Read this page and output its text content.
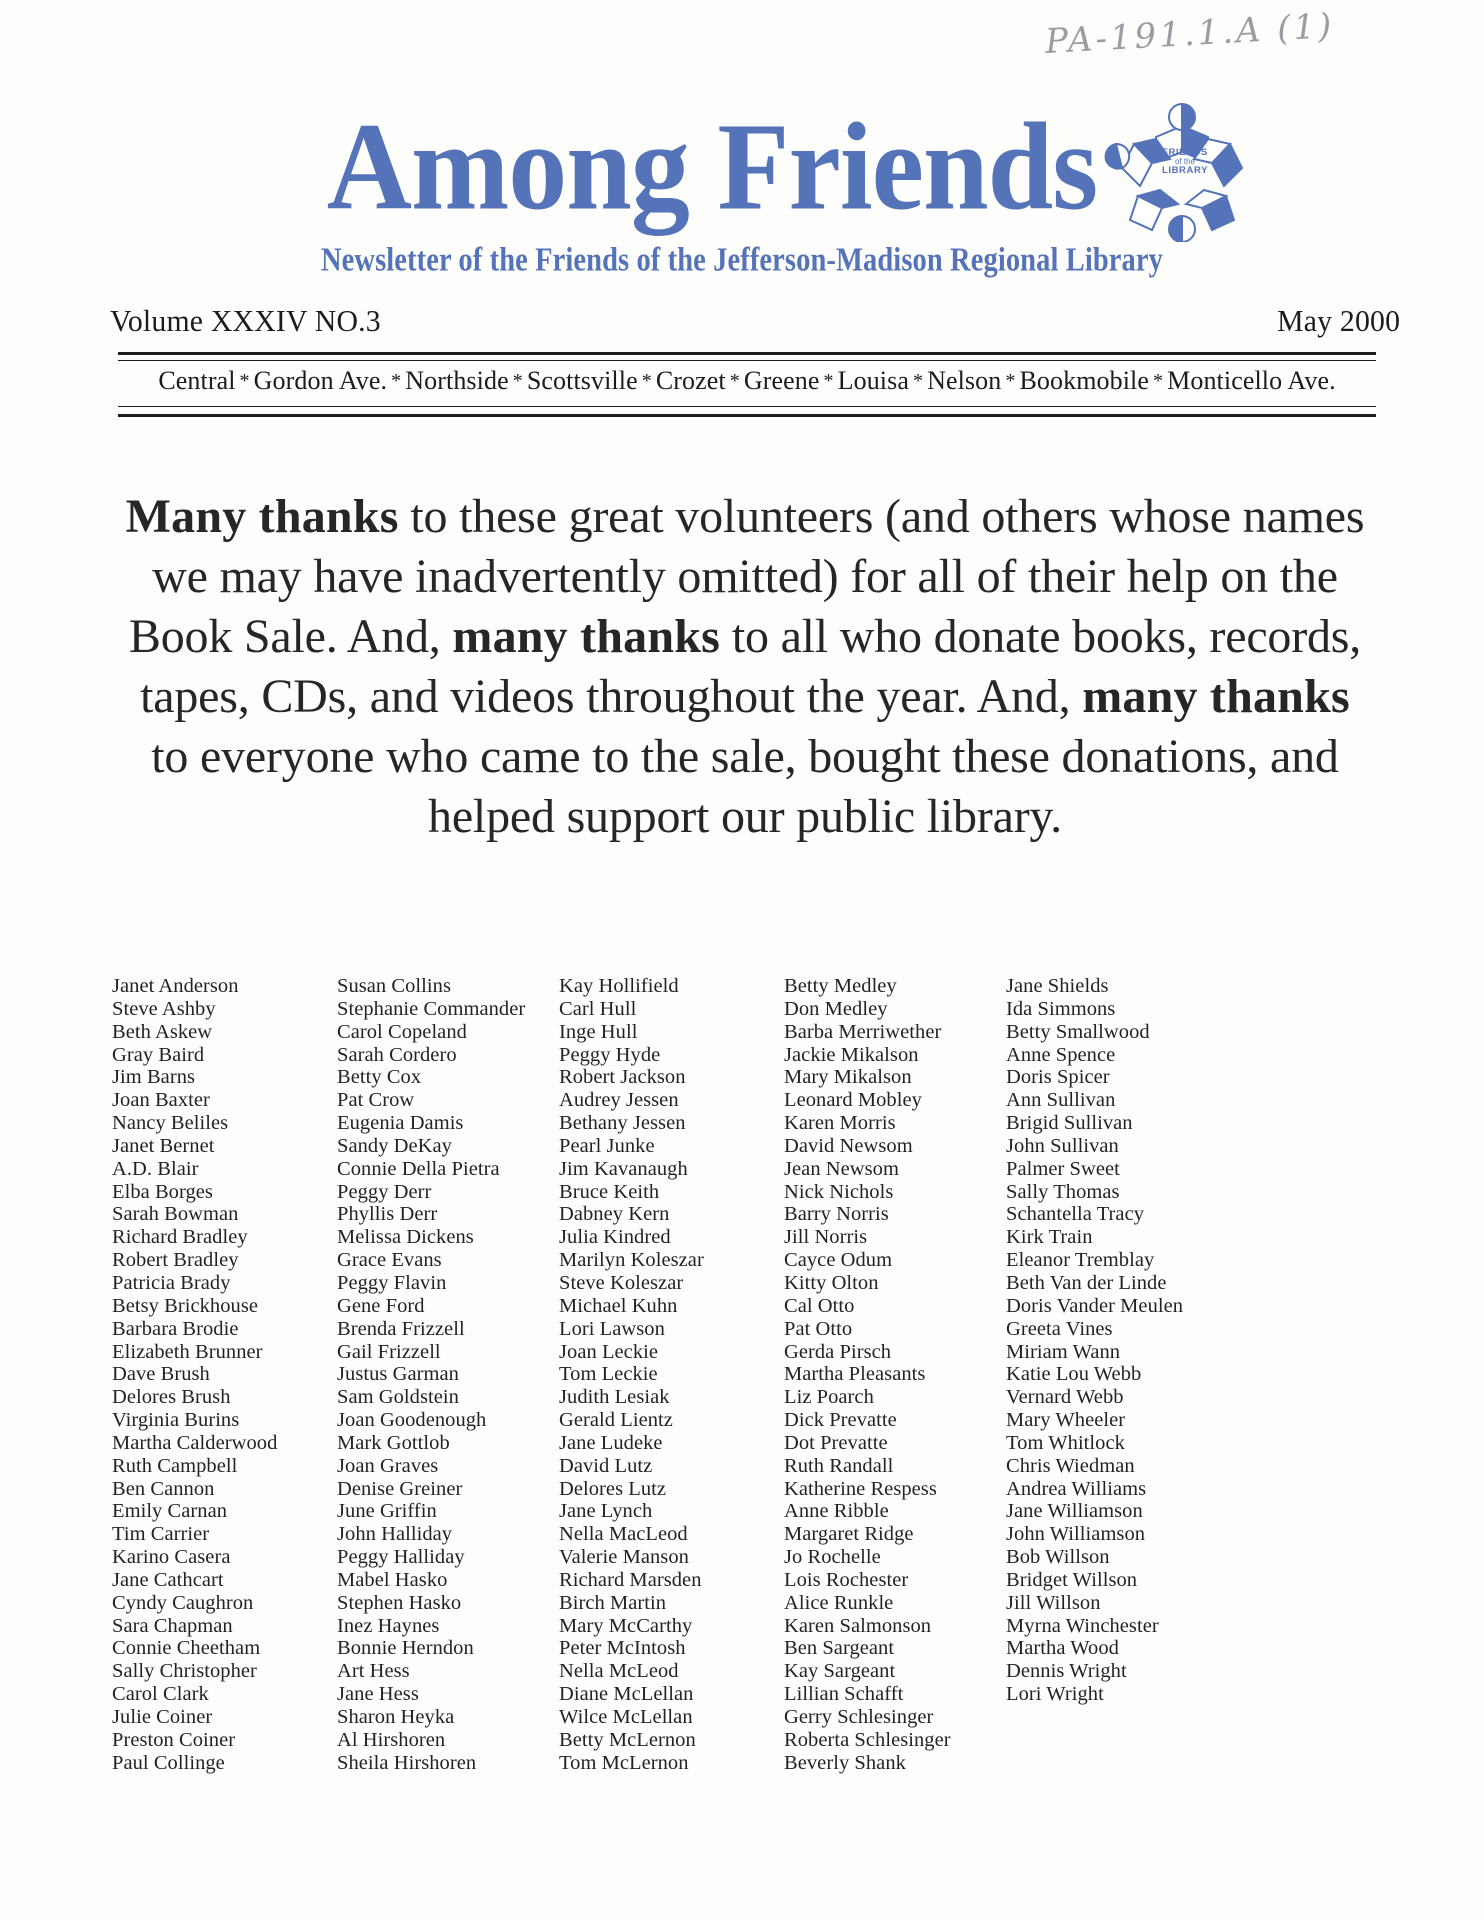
PA-191.1.A (1)
Among Friends
Newsletter of the Friends of the Jefferson-Madison Regional Library
FRIENDS
of the
LIBRARY
Volume XXXIV NO.3	May 2000
Central * Gordon Ave. * Northside * Scottsville * Crozet * Greene * Louisa * Nelson * Bookmobile * Monticello Ave.
Many thanks to these great volunteers (and others whose names we may have inadvertently omitted) for all of their help on the Book Sale. And, many thanks to all who donate books, records, tapes, CDs, and videos throughout the year. And, many thanks to everyone who came to the sale, bought these donations, and helped support our public library.
Janet Anderson
Steve Ashby
Beth Askew
Gray Baird
Jim Barns
Joan Baxter
Nancy Beliles
Janet Bernet
A.D. Blair
Elba Borges
Sarah Bowman
Richard Bradley
Robert Bradley
Patricia Brady
Betsy Brickhouse
Barbara Brodie
Elizabeth Brunner
Dave Brush
Delores Brush
Virginia Burins
Martha Calderwood
Ruth Campbell
Ben Cannon
Emily Carnan
Tim Carrier
Karino Casera
Jane Cathcart
Cyndy Caughron
Sara Chapman
Connie Cheetham
Sally Christopher
Carol Clark
Julie Coiner
Preston Coiner
Paul Collinge
Susan Collins
Stephanie Commander
Carol Copeland
Sarah Cordero
Betty Cox
Pat Crow
Eugenia Damis
Sandy DeKay
Connie Della Pietra
Peggy Derr
Phyllis Derr
Melissa Dickens
Grace Evans
Peggy Flavin
Gene Ford
Brenda Frizzell
Gail Frizzell
Justus Garman
Sam Goldstein
Joan Goodenough
Mark Gottlob
Joan Graves
Denise Greiner
June Griffin
John Halliday
Peggy Halliday
Mabel Hasko
Stephen Hasko
Inez Haynes
Bonnie Herndon
Art Hess
Jane Hess
Sharon Heyka
Al Hirshoren
Sheila Hirshoren
Kay Hollifield
Carl Hull
Inge Hull
Peggy Hyde
Robert Jackson
Audrey Jessen
Bethany Jessen
Pearl Junke
Jim Kavanaugh
Bruce Keith
Dabney Kern
Julia Kindred
Marilyn Koleszar
Steve Koleszar
Michael Kuhn
Lori Lawson
Joan Leckie
Tom Leckie
Judith Lesiak
Gerald Lientz
Jane Ludeke
David Lutz
Delores Lutz
Jane Lynch
Nella MacLeod
Valerie Manson
Richard Marsden
Birch Martin
Mary McCarthy
Peter McIntosh
Nella McLeod
Diane McLellan
Wilce McLellan
Betty McLernon
Tom McLernon
Betty Medley
Don Medley
Barba Merriwether
Jackie Mikalson
Mary Mikalson
Leonard Mobley
Karen Morris
David Newsom
Jean Newsom
Nick Nichols
Barry Norris
Jill Norris
Cayce Odum
Kitty Olton
Cal Otto
Pat Otto
Gerda Pirsch
Martha Pleasants
Liz Poarch
Dick Prevatte
Dot Prevatte
Ruth Randall
Katherine Respess
Anne Ribble
Margaret Ridge
Jo Rochelle
Lois Rochester
Alice Runkle
Karen Salmonson
Ben Sargeant
Kay Sargeant
Lillian Schafft
Gerry Schlesinger
Roberta Schlesinger
Beverly Shank
Jane Shields
Ida Simmons
Betty Smallwood
Anne Spence
Doris Spicer
Ann Sullivan
Brigid Sullivan
John Sullivan
Palmer Sweet
Sally Thomas
Schantella Tracy
Kirk Train
Eleanor Tremblay
Beth Van der Linde
Doris Vander Meulen
Greeta Vines
Miriam Wann
Katie Lou Webb
Vernard Webb
Mary Wheeler
Tom Whitlock
Chris Wiedman
Andrea Williams
Jane Williamson
John Williamson
Bob Willson
Bridget Willson
Jill Willson
Myrna Winchester
Martha Wood
Dennis Wright
Lori Wright
